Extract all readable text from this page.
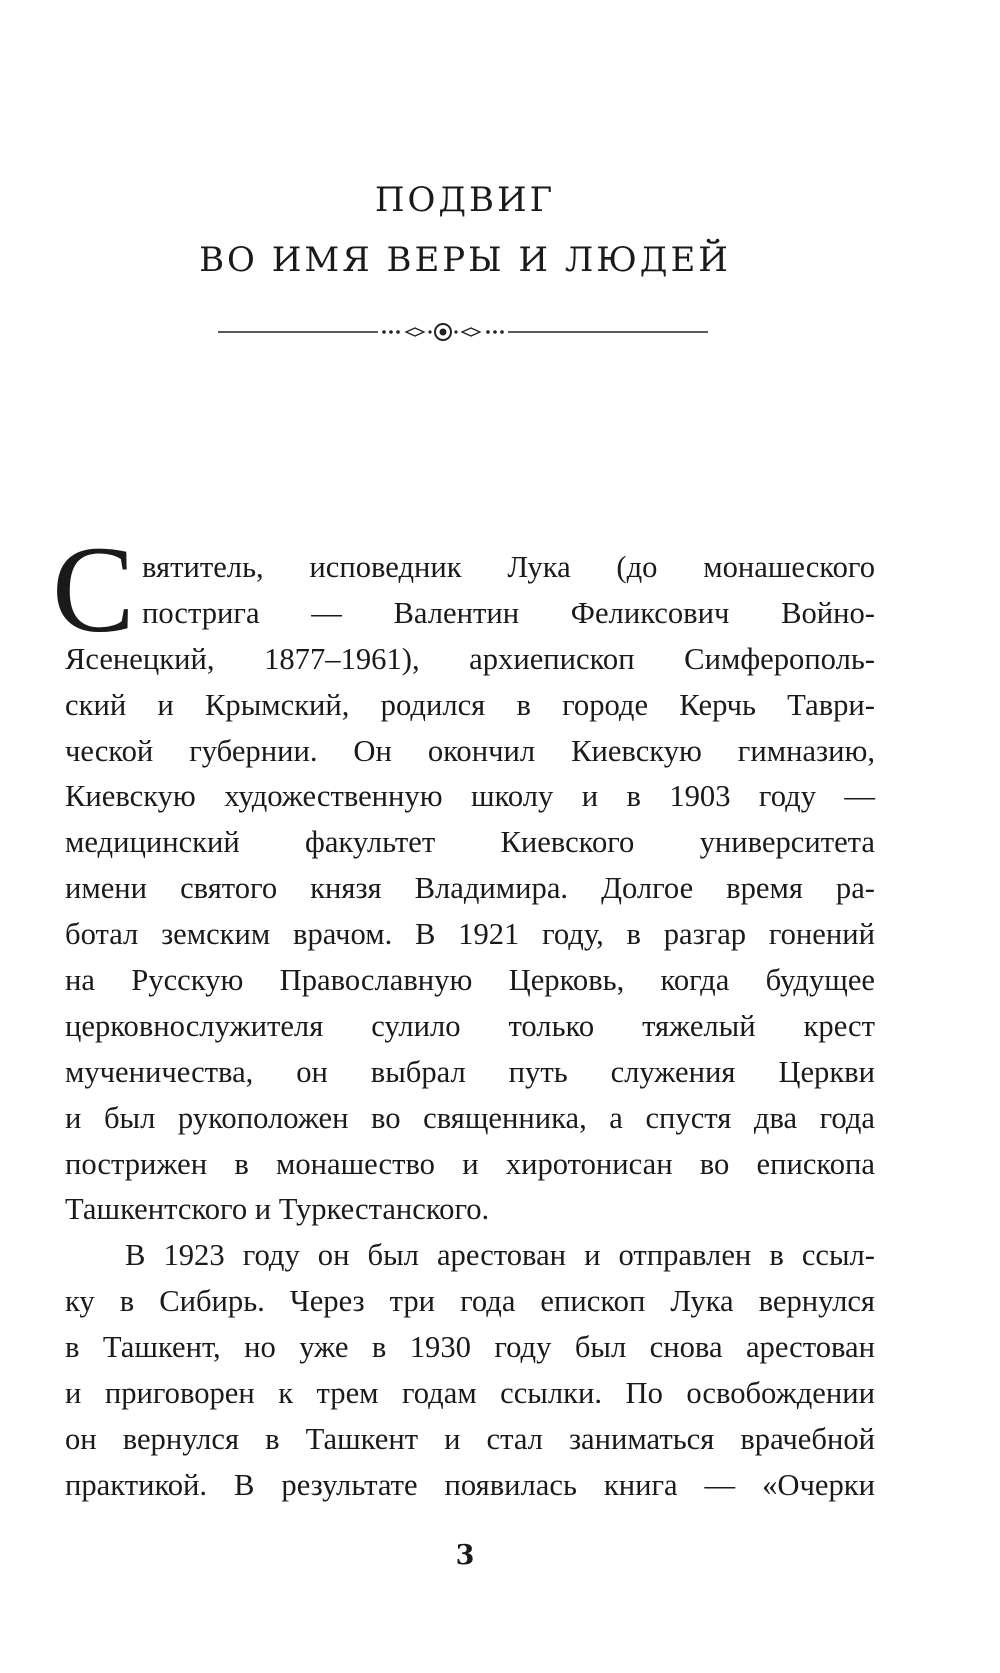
ПОДВИГ
ВО ИМЯ ВЕРЫ И ЛЮДЕЙ
С вятитель, исповедник Лука (до монашеского
пострига — Валентин Феликсович Войно-
Ясенецкий, 1877–1961), архиепископ Симферополь-
ский и Крымский, родился в городе Керчь Таври-
ческой губернии. Он окончил Киевскую гимназию,
Киевскую художественную школу и в 1903 году —
медицинский факультет Киевского университета
имени святого князя Владимира. Долгое время ра-
ботал земским врачом. В 1921 году, в разгар гонений
на Русскую Православную Церковь, когда будущее
церковнослужителя сулило только тяжелый крест
мученичества, он выбрал путь служения Церкви
и был рукоположен во священника, а спустя два года
пострижен в монашество и хиротонисан во епископа
Ташкентского и Туркестанского.
В 1923 году он был арестован и отправлен в ссыл-
ку в Сибирь. Через три года епископ Лука вернулся
в Ташкент, но уже в 1930 году был снова арестован
и приговорен к трем годам ссылки. По освобождении
он вернулся в Ташкент и стал заниматься врачебной
практикой. В результате появилась книга — «Очерки
3
